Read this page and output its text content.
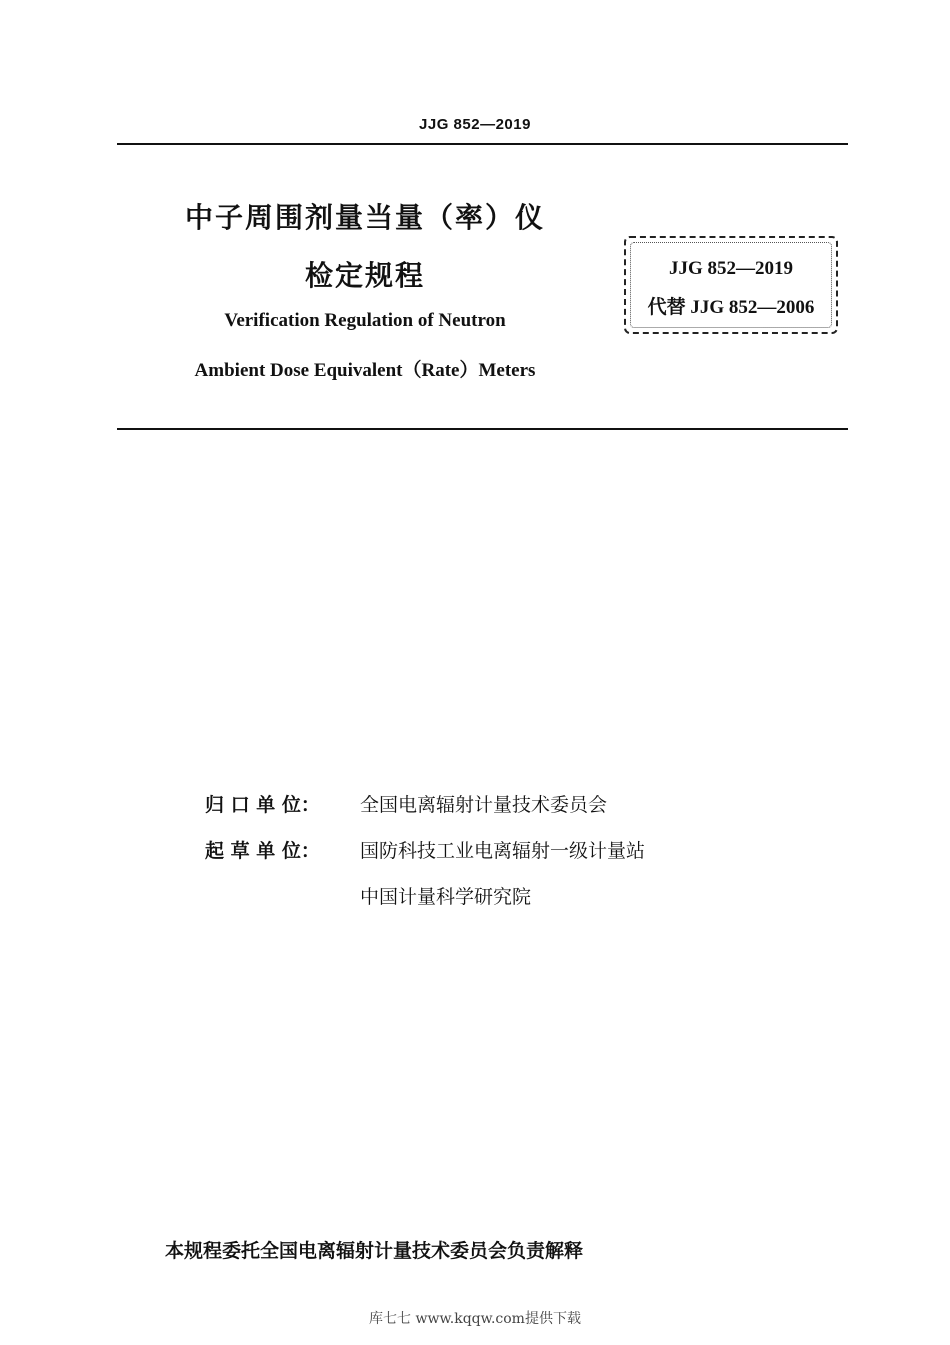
JJG 852—2019
中子周围剂量当量（率）仪
检定规程
Verification Regulation of Neutron
Ambient Dose Equivalent（Rate）Meters
JJG 852—2019
代替 JJG 852—2006
归 口 单 位： 全国电离辐射计量技术委员会
起 草 单 位： 国防科技工业电离辐射一级计量站
中国计量科学研究院
本规程委托全国电离辐射计量技术委员会负责解释
库七七 www.kqqw.com提供下载
